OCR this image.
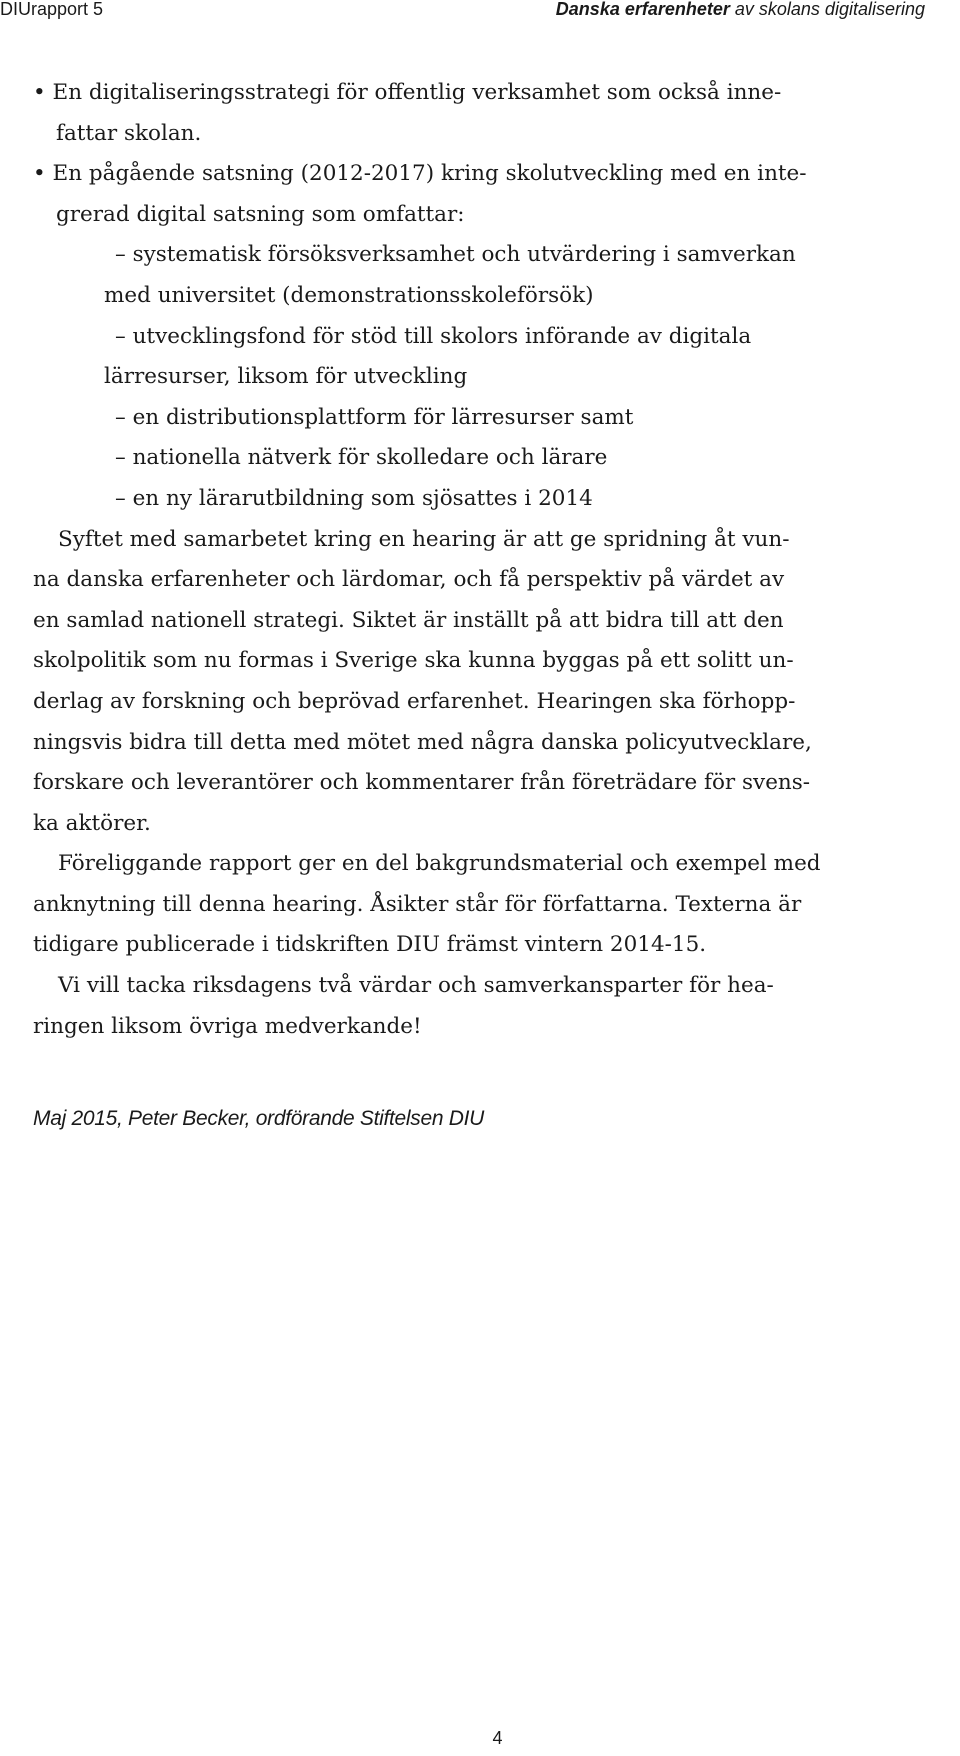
DIUrapport 5	Danska erfarenheter av skolans digitalisering
• En digitaliseringsstrategi för offentlig verksamhet som också inne-
fattar skolan.
• En pågående satsning (2012-2017) kring skolutveckling med en inte-
grerad digital satsning som omfattar:
– systematisk försöksverksamhet och utvärdering i samverkan
med universitet (demonstrationsskoleförsök)
– utvecklingsfond för stöd till skolors införande av digitala
lärresurser, liksom för utveckling
– en distributionsplattform för lärresurser samt
– nationella nätverk för skolledare och lärare
– en ny lärarutbildning som sjösattes i 2014
Syftet med samarbetet kring en hearing är att ge spridning åt vun-
na danska erfarenheter och lärdomar, och få perspektiv på värdet av
en samlad nationell strategi. Siktet är inställt på att bidra till att den
skolpolitik som nu formas i Sverige ska kunna byggas på ett solitt un-
derlag av forskning och beprövad erfarenhet. Hearingen ska förhopp-
ningsvis bidra till detta med mötet med några danska policyutvecklare,
forskare och leverantörer och kommentarer från företrädare för svens-
ka aktörer.
Föreliggande rapport ger en del bakgrundsmaterial och exempel med
anknytning till denna hearing. Åsikter står för författarna. Texterna är
tidigare publicerade i tidskriften DIU främst vintern 2014-15.
Vi vill tacka riksdagens två värdar och samverkansparter för hea-
ringen liksom övriga medverkande!
Maj 2015, Peter Becker, ordförande Stiftelsen DIU
4
